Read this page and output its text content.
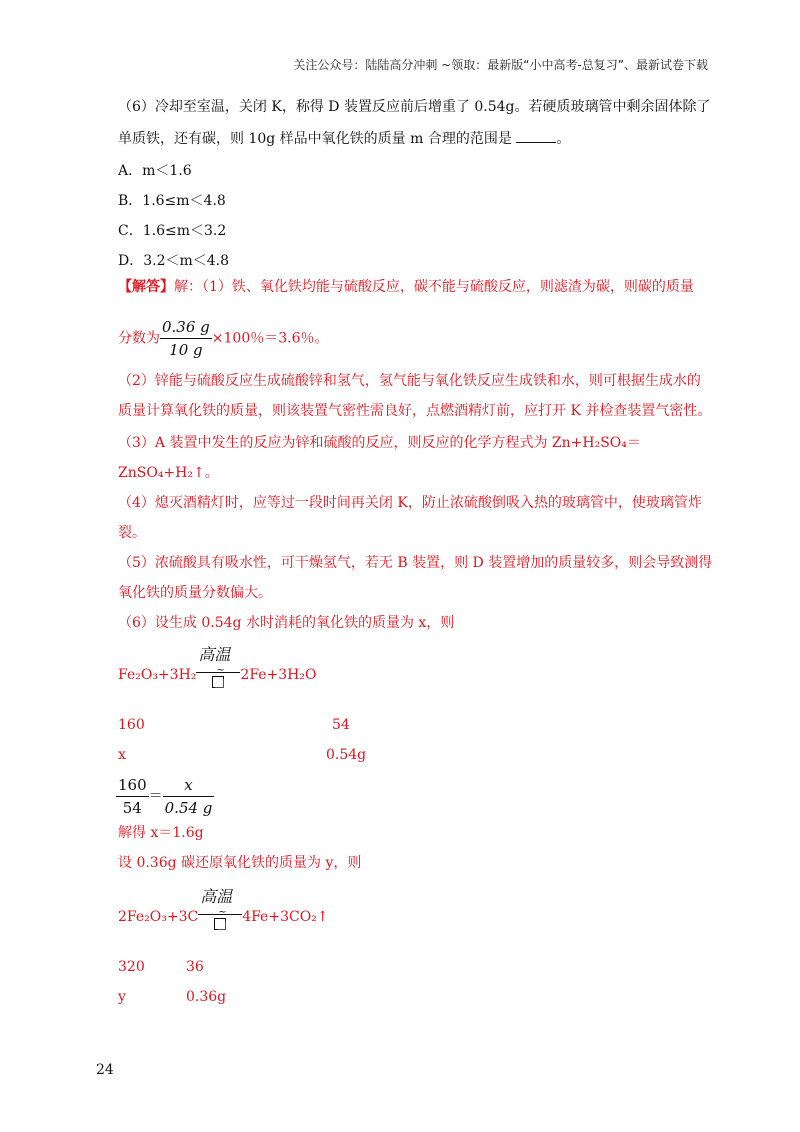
关注公众号：陆陆高分冲刺 ~领取：最新版“小中高考-总复习”、最新试卷下载
（6）冷却至室温，关闭 K，称得 D 装置反应前后增重了 0.54g。若硬质玻璃管中剩余固体除了
单质铁，还有碳，则 10g 样品中氧化铁的质量 m 合理的范围是	。
A．m＜1.6
B．1.6≤m＜4.8
C．1.6≤m＜3.2
D．3.2＜m＜4.8
【解答】解：（1）铁、氧化铁均能与硫酸反应，碳不能与硫酸反应，则滤渣为碳，则碳的质量
分数为 $\frac{0.36 g}{10 g} \times 100$％＝3.6％。
（2）锌能与硫酸反应生成硫酸锌和氢气，氢气能与氧化铁反应生成铁和水，则可根据生成水的
质量计算氧化铁的质量，则该装置气密性需良好，点燃酒精灯前，应打开 K 并检查装置气密性。
（3）A 装置中发生的反应为锌和硫酸的反应，则反应的化学方程式为 Zn+H₂SO₄＝
ZnSO₄+H₂↑。
（4）熄灭酒精灯时，应等过一段时间再关闭 K，防止浓硫酸倒吸入热的玻璃管中，使玻璃管炸
裂。
（5）浓硫酸具有吸水性，可干燥氢气，若无 B 装置，则 D 装置增加的质量较多，则会导致测得
氧化铁的质量分数偏大。
（6）设生成 0.54g 水时消耗的氧化铁的质量为 x，则
Fe₂O₃+3H₂
高温
~ 2Fe+3H₂O
160	54
x	0.54g
$\frac{160}{54} = \frac{x}{0.54 g}$
解得 x＝1.6g
设 0.36g 碳还原氧化铁的质量为 y，则
2Fe₂O₃+3C
高温
~ 4Fe+3CO₂↑
320	36
y	0.36g
24
